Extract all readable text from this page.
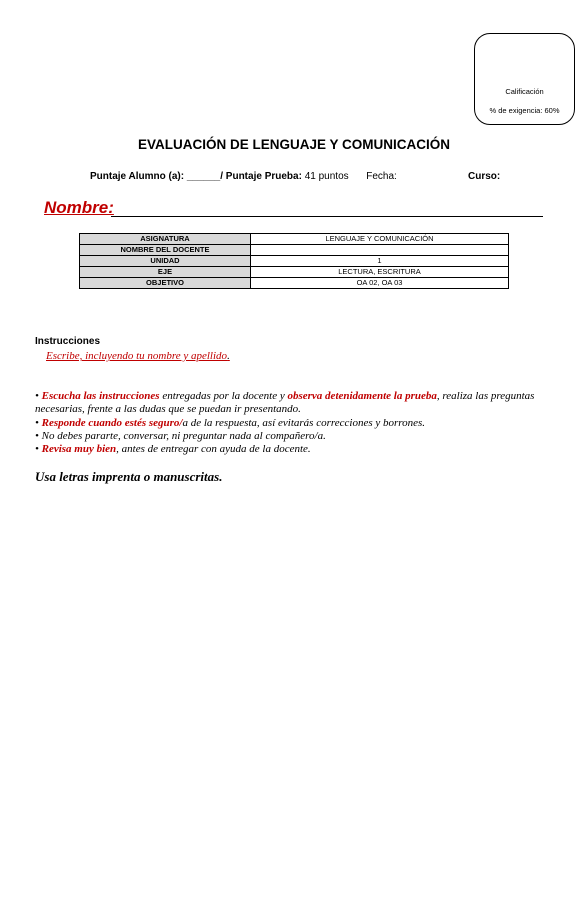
Calificación
% de exigencia: 60%
EVALUACIÓN DE LENGUAJE Y COMUNICACIÓN
Puntaje Alumno (a): ______/ Puntaje Prueba: 41 puntos Fecha:	Curso:
Nombre:
ASIGNATURA	LENGUAJE Y COMUNICACIÓN
NOMBRE DEL DOCENTE	
UNIDAD	1
EJE	LECTURA, ESCRITURA
OBJETIVO	OA 02, OA 03
Instrucciones
Escribe, incluyendo tu nombre y apellido.

• Escucha las instrucciones entregadas por la docente y observa detenidamente la prueba, realiza las preguntas necesarias, frente a las dudas que se puedan ir presentando.

• Responde cuando estés seguro/a de la respuesta, así evitarás correcciones y borrones.

• No debes pararte, conversar, ni preguntar nada al compañero/a.

• Revisa muy bien, antes de entregar con ayuda de la docente.

Usa letras imprenta o manuscritas.
